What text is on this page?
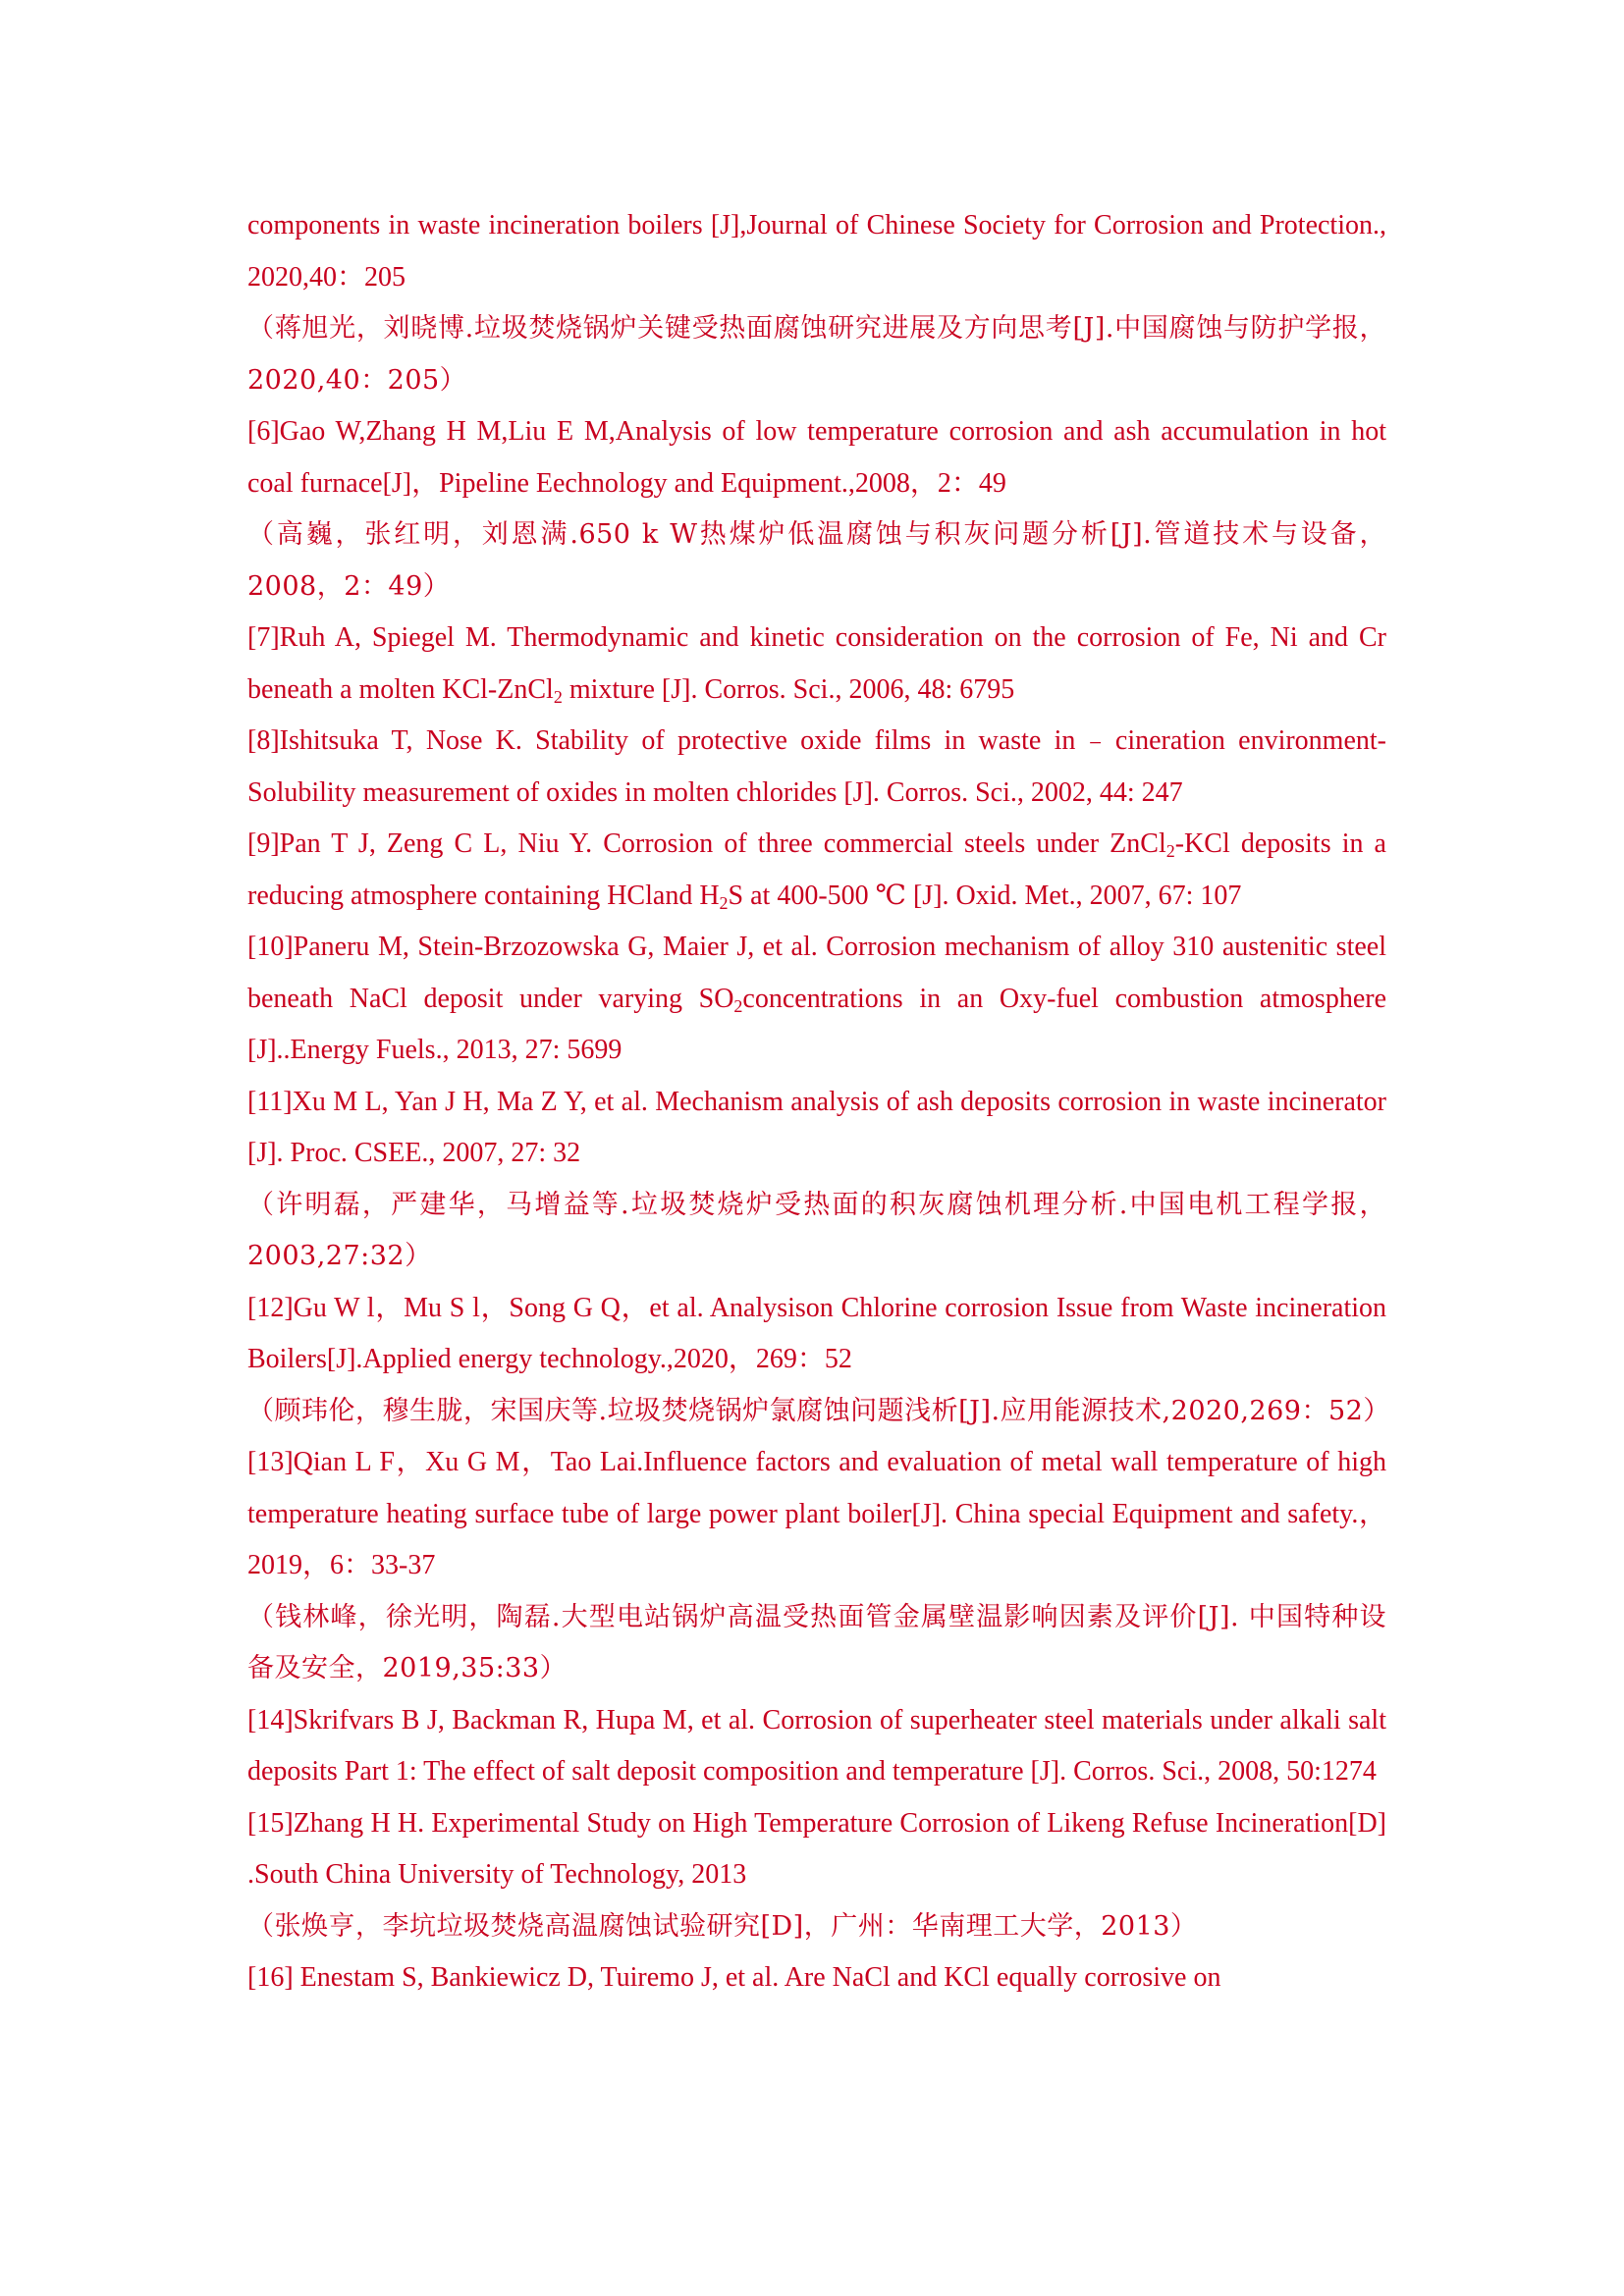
components in waste incineration boilers [J],Journal of Chinese Society for Corrosion and Protection., 2020,40：205

（蒋旭光，刘晓博.垃圾焚烧锅炉关键受热面腐蚀研究进展及方向思考[J].中国腐蚀与防护学报，2020,40：205）

[6]Gao W,Zhang H M,Liu E M,Analysis of low temperature corrosion and ash accumulation in hot coal furnace[J]，Pipeline Eechnology and Equipment.,2008，2：49

（高巍，张红明，刘恩满.650 k W热煤炉低温腐蚀与积灰问题分析[J].管道技术与设备，2008，2：49）

[7]Ruh A, Spiegel M. Thermodynamic and kinetic consideration on the corrosion of Fe, Ni and Cr beneath a molten KCl-ZnCl$_2$ mixture [J]. Corros. Sci., 2006, 48: 6795

[8]Ishitsuka T, Nose K. Stability of protective oxide films in waste in﹣cineration environment-Solubility measurement of oxides in molten chlorides [J]. Corros. Sci., 2002, 44: 247

[9]Pan T J, Zeng C L, Niu Y. Corrosion of three commercial steels under ZnCl$_2$-KCl deposits in a reducing atmosphere containing HCland $H_2S$ at 400-500 ℃ [J]. Oxid. Met., 2007, 67: 107

[10]Paneru M, Stein-Brzozowska G, Maier J, et al. Corrosion mechanism of alloy 310 austenitic steel beneath NaCl deposit under varying $SO_2concentrations$ in an Oxy-fuel combustion atmosphere [J]..Energy Fuels., 2013, 27: 5699

[11]Xu M L, Yan J H, Ma Z Y, et al. Mechanism analysis of ash deposits corrosion in waste incinerator [J]. Proc. CSEE., 2007, 27: 32

（许明磊，严建华，马增益等.垃圾焚烧炉受热面的积灰腐蚀机理分析.中国电机工程学报，2003,27:32）

[12]Gu W l，Mu S l，Song G Q，et al. Analysison Chlorine corrosion Issue from Waste incineration Boilers[J].Applied energy technology.,2020，269：52

（顾玮伦，穆生胧，宋国庆等.垃圾焚烧锅炉氯腐蚀问题浅析[J].应用能源技术,2020,269：52）

[13]Qian L F，Xu G M，Tao Lai.Influence factors and evaluation of metal wall temperature of high temperature heating surface tube of large power plant boiler[J]. China special Equipment and safety.，2019，6：33-37

（钱林峰，徐光明，陶磊.大型电站锅炉高温受热面管金属壁温影响因素及评价[J]. 中国特种设备及安全，2019,35:33）

[14]Skrifvars B J, Backman R, Hupa M, et al. Corrosion of superheater steel materials under alkali salt deposits Part 1: The effect of salt deposit composition and temperature [J]. Corros. Sci., 2008, 50:1274

[15]Zhang H H. Experimental Study on High Temperature Corrosion of Likeng Refuse Incineration[D] .South China University of Technology, 2013

（张焕亨，李坑垃圾焚烧高温腐蚀试验研究[D]，广州：华南理工大学，2013）

[16] Enestam S, Bankiewicz D, Tuiremo J, et al. Are NaCl and KCl equally corrosive on
